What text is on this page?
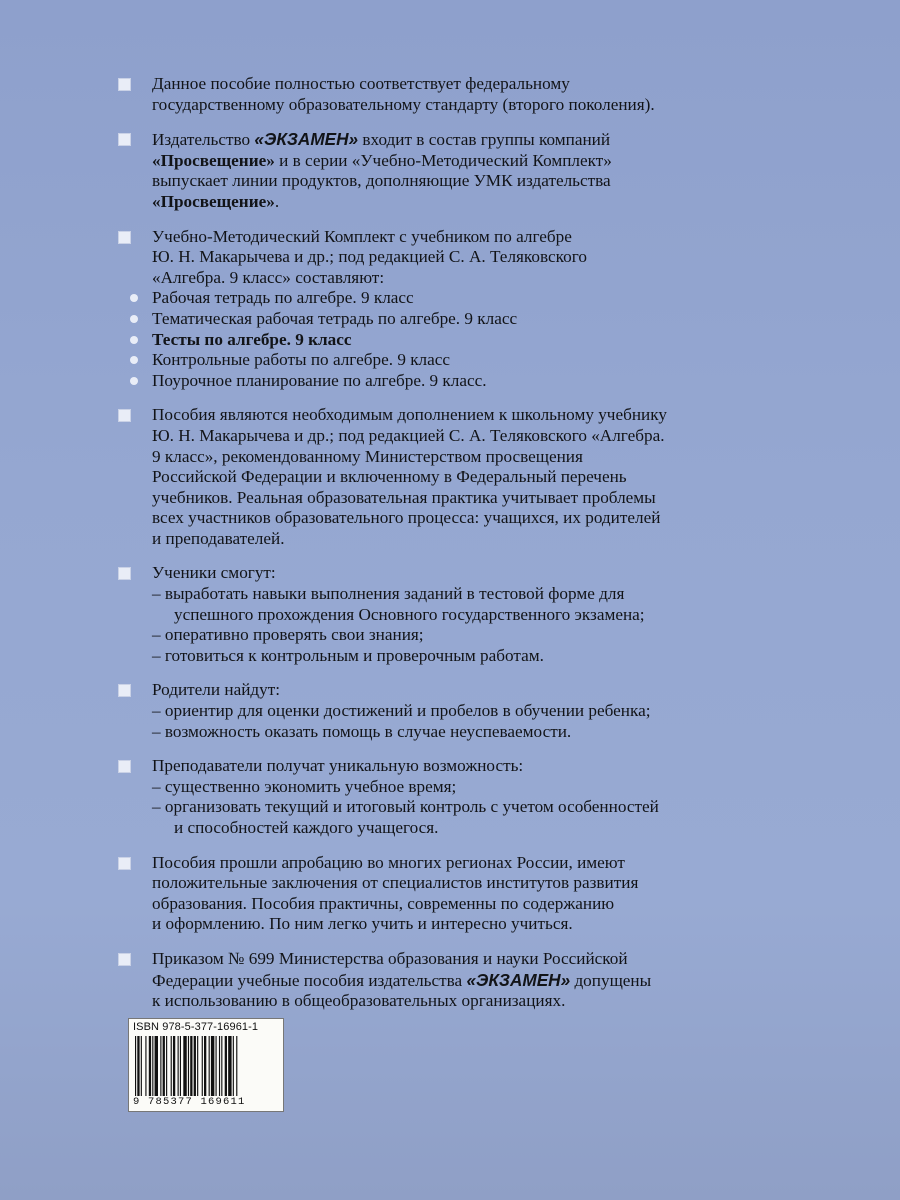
Данное пособие полностью соответствует федеральному
государственному образовательному стандарту (второго поколения).
Издательство «ЭКЗАМЕН» входит в состав группы компаний
«Просвещение» и в серии «Учебно-Методический Комплект»
выпускает линии продуктов, дополняющие УМК издательства
«Просвещение».
Учебно-Методический Комплект с учебником по алгебре
Ю. Н. Макарычева и др.; под редакцией С. А. Теляковского
«Алгебра. 9 класс» составляют:
Рабочая тетрадь по алгебре. 9 класс
Тематическая рабочая тетрадь по алгебре. 9 класс
Тесты по алгебре. 9 класс
Контрольные работы по алгебре. 9 класс
Поурочное планирование по алгебре. 9 класс.
Пособия являются необходимым дополнением к школьному учебнику
Ю. Н. Макарычева и др.; под редакцией С. А. Теляковского «Алгебра.
9 класс», рекомендованному Министерством просвещения
Российской Федерации и включенному в Федеральный перечень
учебников. Реальная образовательная практика учитывает проблемы
всех участников образовательного процесса: учащихся, их родителей
и преподавателей.
Ученики смогут:
– выработать навыки выполнения заданий в тестовой форме для
успешного прохождения Основного государственного экзамена;
– оперативно проверять свои знания;
– готовиться к контрольным и проверочным работам.
Родители найдут:
– ориентир для оценки достижений и пробелов в обучении ребенка;
– возможность оказать помощь в случае неуспеваемости.
Преподаватели получат уникальную возможность:
– существенно экономить учебное время;
– организовать текущий и итоговый контроль с учетом особенностей
и способностей каждого учащегося.
Пособия прошли апробацию во многих регионах России, имеют
положительные заключения от специалистов институтов развития
образования. Пособия практичны, современны по содержанию
и оформлению. По ним легко учить и интересно учиться.
Приказом № 699 Министерства образования и науки Российской
Федерации учебные пособия издательства «ЭКЗАМЕН» допущены
к использованию в общеобразовательных организациях.
ISBN 978-5-377-16961-1
9 785377 169611
